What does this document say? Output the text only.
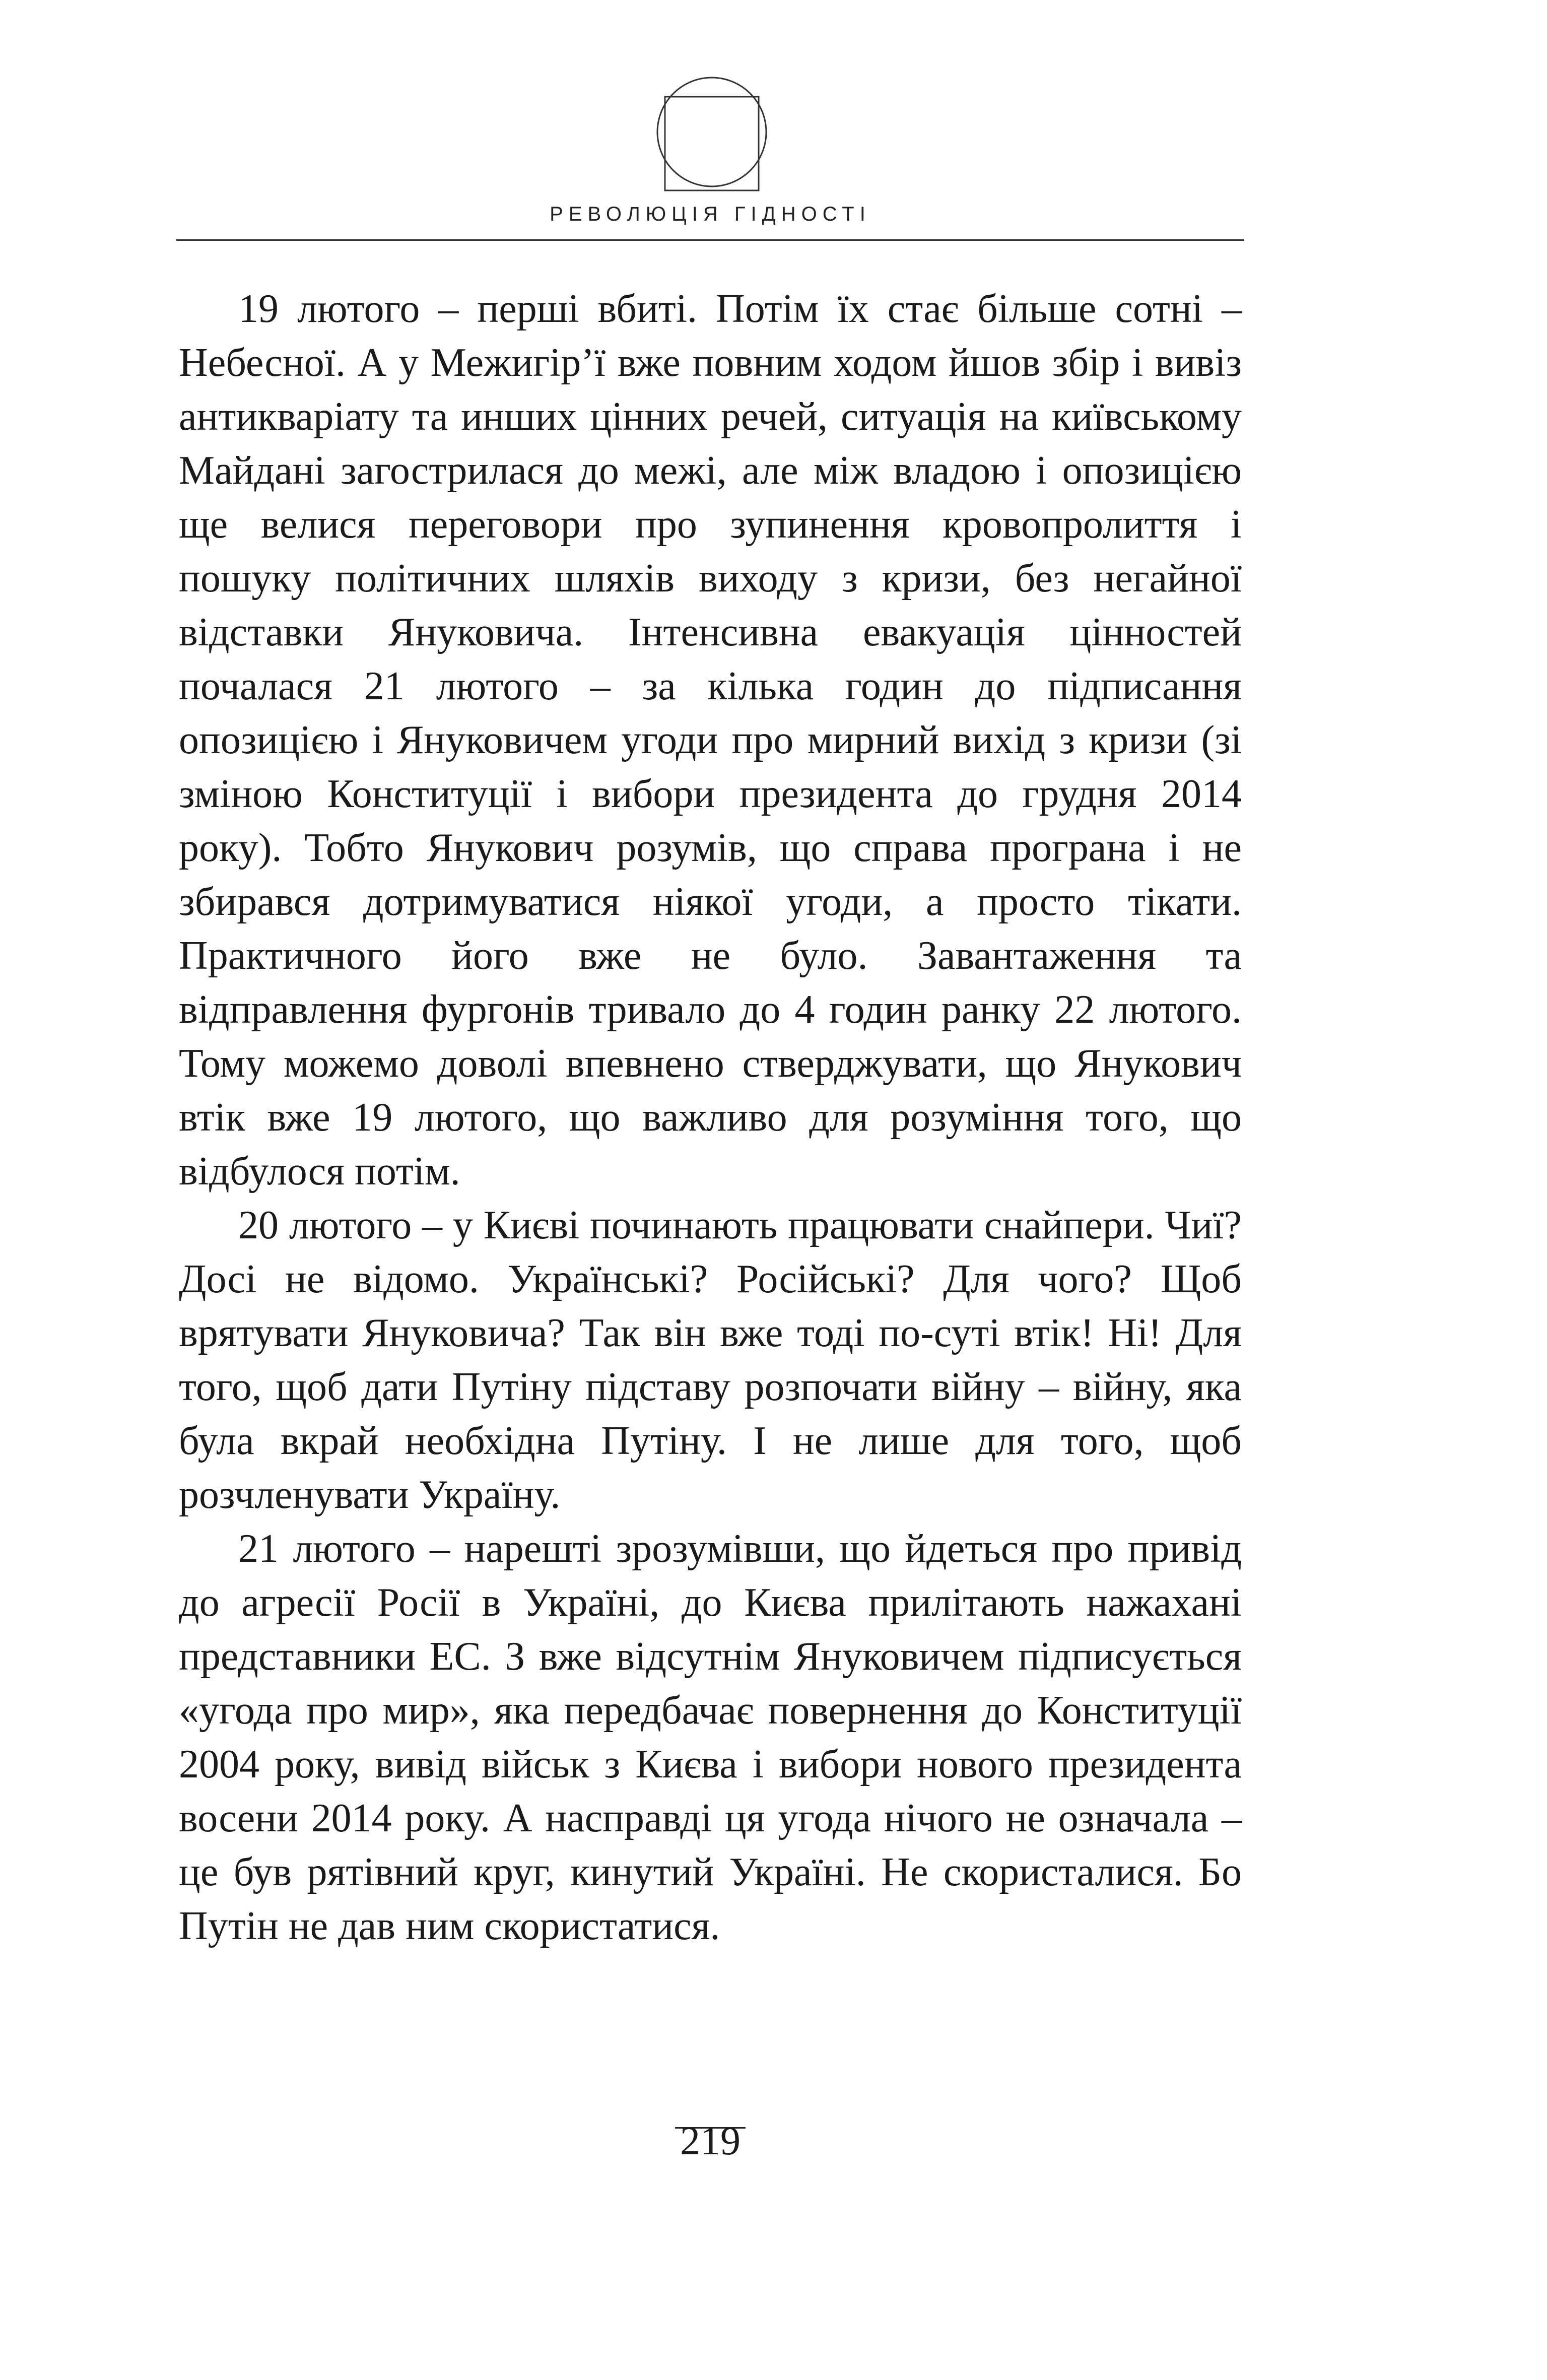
РЕВОЛЮЦІЯ ГІДНОСТІ

19 лютого – перші вбиті. Потім їх стає більше сотні – Небесної. А у Межигір’ї вже повним ходом йшов збір і вивіз антикваріату та инших цінних речей, ситуація на київському Майдані загострилася до межі, але між владою і опозицією ще велися переговори про зупинення кровопролиття і пошуку політичних шляхів виходу з кризи, без негайної відставки Януковича. Інтенсивна евакуація цінностей почалася 21 лютого – за кілька годин до підписання опозицією і Януковичем угоди про мирний вихід з кризи (зі зміною Конституції і вибори президента до грудня 2014 року). Тобто Янукович розумів, що справа програна і не збирався дотримуватися ніякої угоди, а просто тікати. Практичного його вже не було. Завантаження та відправлення фургонів тривало до 4 годин ранку 22 лютого. Тому можемо доволі впевнено стверджувати, що Янукович втік вже 19 лютого, що важливо для розуміння того, що відбулося потім.

20 лютого – у Києві починають працювати снайпери. Чиї? Досі не відомо. Українські? Російські? Для чого? Щоб врятувати Януковича? Так він вже тоді по-суті втік! Ні! Для того, щоб дати Путіну підставу розпочати війну – війну, яка була вкрай необхідна Путіну. І не лише для того, щоб розчленувати Україну.

21 лютого – нарешті зрозумівши, що йдеться про привід до агресії Росії в Україні, до Києва прилітають нажахані представники ЕС. З вже відсутнім Януковичем підписується «угода про мир», яка передбачає повернення до Конституції 2004 року, вивід військ з Києва і вибори нового президента восени 2014 року. А насправді ця угода нічого не означала – це був рятівний круг, кинутий Україні. Не скористалися. Бо Путін не дав ним скористатися.

219
